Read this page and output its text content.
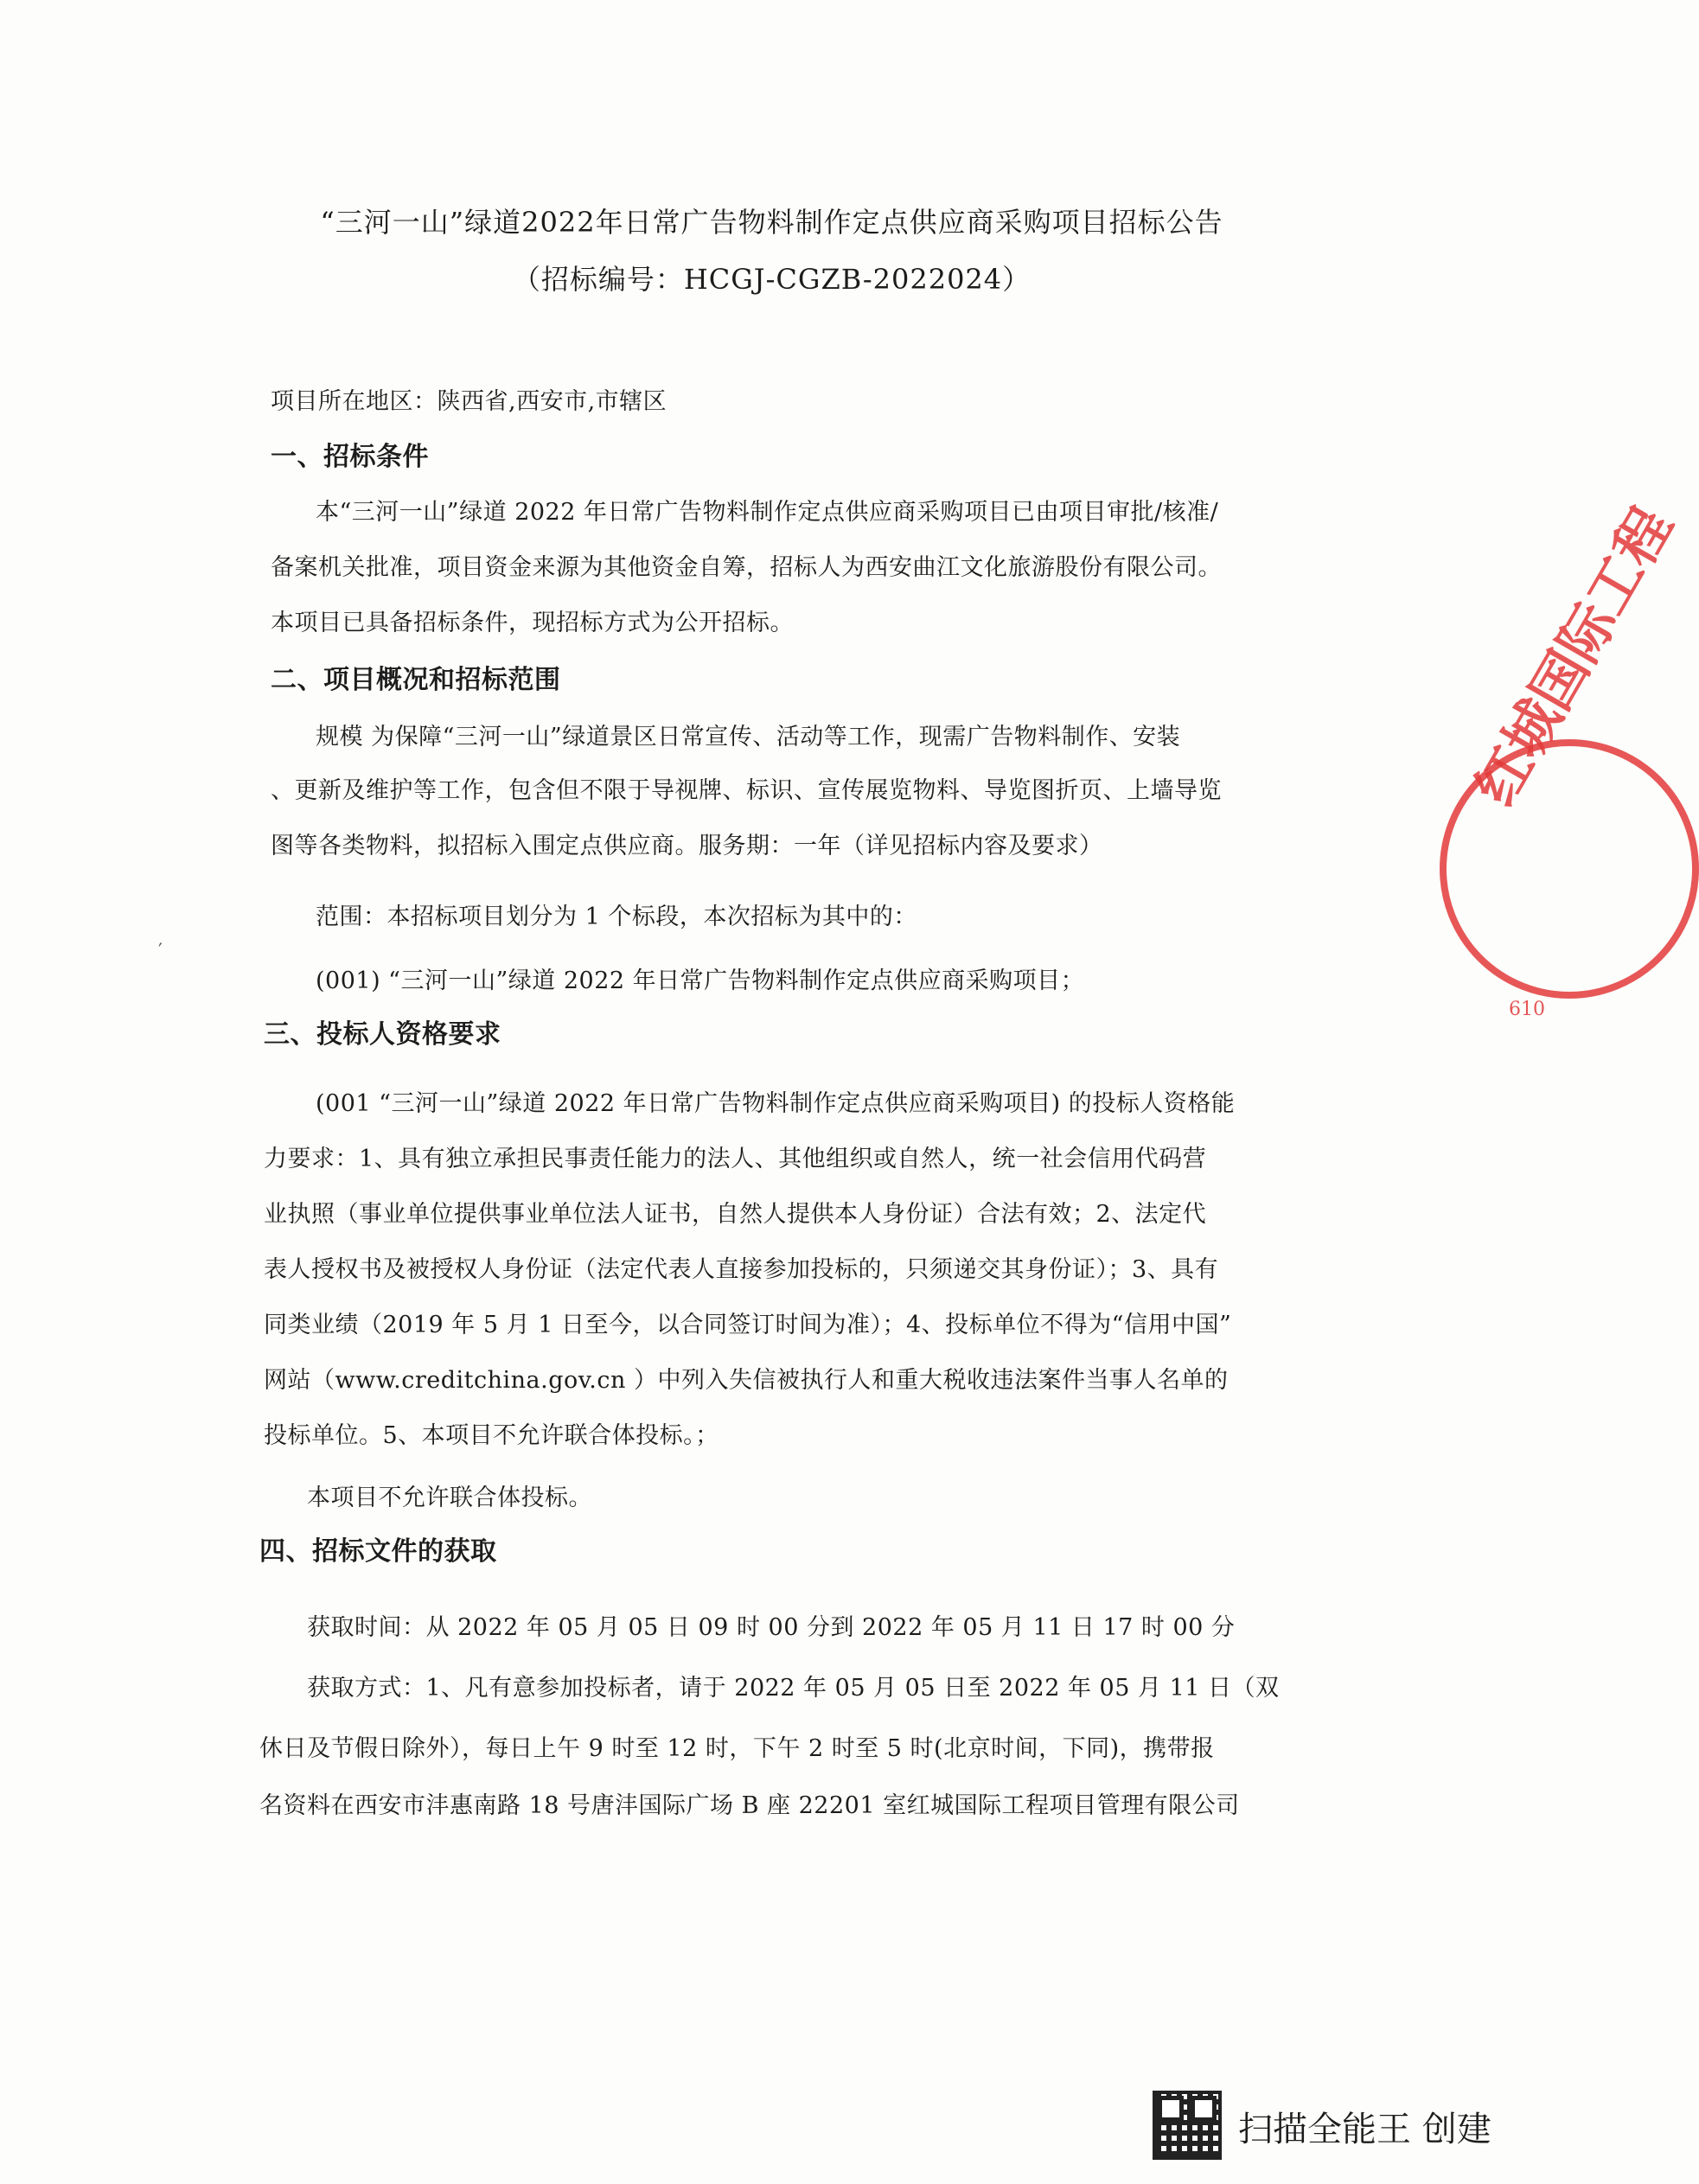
“三河一山”绿道2022年日常广告物料制作定点供应商采购项目招标公告
（招标编号：HCGJ-CGZB-2022024）
项目所在地区：陕西省,西安市,市辖区
一、招标条件
本“三河一山”绿道 2022 年日常广告物料制作定点供应商采购项目已由项目审批/核准/
备案机关批准，项目资金来源为其他资金自筹，招标人为西安曲江文化旅游股份有限公司。
本项目已具备招标条件，现招标方式为公开招标。
二、项目概况和招标范围
规模 为保障“三河一山”绿道景区日常宣传、活动等工作，现需广告物料制作、安装
、更新及维护等工作，包含但不限于导视牌、标识、宣传展览物料、导览图折页、上墙导览
图等各类物料，拟招标入围定点供应商。服务期：一年（详见招标内容及要求）
范围：本招标项目划分为 1 个标段，本次招标为其中的：
(001) “三河一山”绿道 2022 年日常广告物料制作定点供应商采购项目；
三、投标人资格要求
(001 “三河一山”绿道 2022 年日常广告物料制作定点供应商采购项目) 的投标人资格能
力要求：1、具有独立承担民事责任能力的法人、其他组织或自然人，统一社会信用代码营
业执照（事业单位提供事业单位法人证书，自然人提供本人身份证）合法有效；2、法定代
表人授权书及被授权人身份证（法定代表人直接参加投标的，只须递交其身份证）；3、具有
同类业绩（2019 年 5 月 1 日至今，以合同签订时间为准）；4、投标单位不得为“信用中国”
网站（www.creditchina.gov.cn ）中列入失信被执行人和重大税收违法案件当事人名单的
投标单位。5、本项目不允许联合体投标。；
本项目不允许联合体投标。
四、招标文件的获取
获取时间：从 2022 年 05 月 05 日 09 时 00 分到 2022 年 05 月 11 日 17 时 00 分
获取方式：1、凡有意参加投标者，请于 2022 年 05 月 05 日至 2022 年 05 月 11 日（双
休日及节假日除外），每日上午 9 时至 12 时，下午 2 时至 5 时(北京时间，下同)，携带报
名资料在西安市沣惠南路 18 号唐沣国际广场 B 座 22201 室红城国际工程项目管理有限公司
′
红城国际工程
610
扫描全能王 创建
